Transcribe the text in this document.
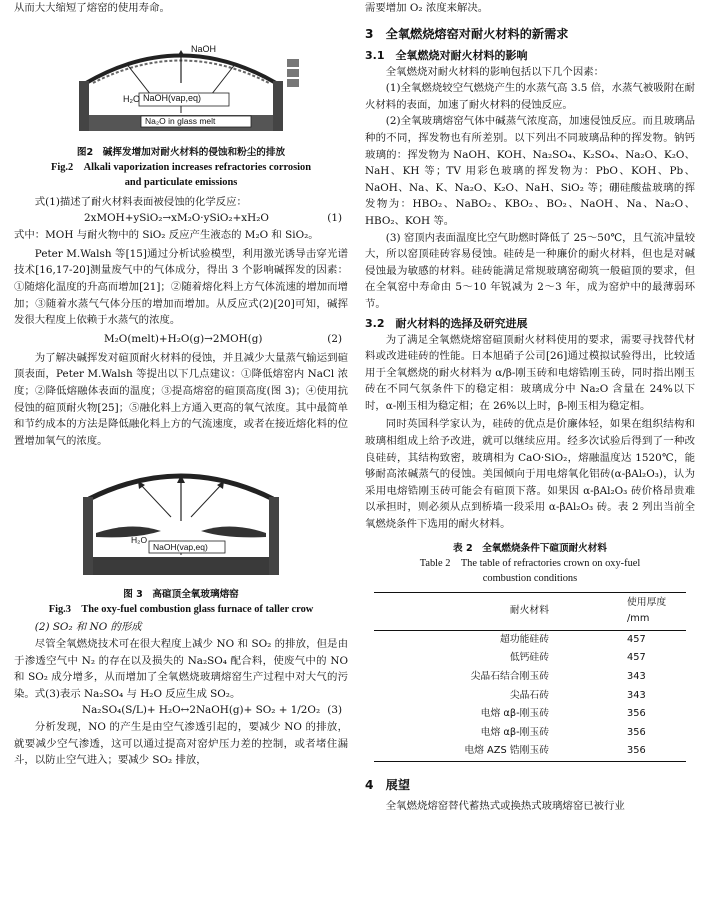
从而大大缩短了熔窑的使用寿命。

NaOH
H₂O NaOH(vap,eq)
Na₂O in glass melt
图2　碱挥发增加对耐火材料的侵蚀和粉尘的排放
Fig.2　Alkali vaporization increases refractories corrosion
and particulate emissions

式(1)描述了耐火材料表面被侵蚀的化学反应：

2xMOH+ySiO₂→xM₂O·ySiO₂+xH₂O	(1)

式中：MOH 与耐火物中的 SiO₂ 反应产生液态的 M₂O 和 SiO₂。

Peter M.Walsh 等[15]通过分析试验模型，利用激光诱导击穿光谱技术[16,17-20]测量废气中的气体成分，得出 3 个影响碱挥发的因素：①随熔化温度的升高而增加[21]；②随着熔化料上方气体流速的增加而增加；③随着水蒸气气体分压的增加而增加。从反应式(2)[20]可知，碱挥发很大程度上依赖于水蒸气的浓度。

M₂O(melt)+H₂O(g)→2MOH(g)	(2)

为了解决碱挥发对碹顶耐火材料的侵蚀，并且减少大量蒸气输运到碹顶表面，Peter M.Walsh 等提出以下几点建议：①降低熔窑内 NaCl 浓度；②降低熔融体表面的温度；③提高熔窑的碹顶高度(图 3)；④使用抗侵蚀的碹顶耐火物[25]；⑤融化料上方通入更高的氧气浓度。其中最简单和节约成本的方法是降低融化料上方的气流速度，或者在接近熔化料的位置增加氧气的浓度。

H₂O
NaOH(vap,eq)
图 3　高碹顶全氧玻璃熔窑
Fig.3　The oxy-fuel combustion glass furnace of taller crow

(2) SO₂ 和 NO 的形成

尽管全氧燃烧技术可在很大程度上减少 NO 和 SO₂ 的排放，但是由于渗透空气中 N₂ 的存在以及损失的 Na₂SO₄ 配合料，使废气中的 NO 和 SO₂ 成分增多，从而增加了全氧燃烧玻璃熔窑生产过程中对大气的污染。式(3)表示 Na₂SO₄ 与 H₂O 反应生成 SO₂。

Na₂SO₄(S/L)+ H₂O↔2NaOH(g)+ SO₂ + 1/2O₂ (3)

分析发现，NO 的产生是由空气渗透引起的，要减少 NO 的排放，就要减少空气渗透，这可以通过提高对窑炉压力差的控制，或者堵住漏斗，以防止空气进入；要减少 SO₂ 排放，

需要增加 O₂ 浓度来解决。

3　全氧燃烧熔窑对耐火材料的新需求

3.1　全氧燃烧对耐火材料的影响

全氧燃烧对耐火材料的影响包括以下几个因素：

(1)全氧燃烧较空气燃烧产生的水蒸气高 3.5 倍，水蒸气被吸附在耐火材料的表面，加速了耐火材料的侵蚀反应。

(2)全氧玻璃熔窑气体中碱蒸气浓度高，加速侵蚀反应。而且玻璃品种的不同，挥发物也有所差别。以下列出不同玻璃品种的挥发物。钠钙玻璃的：挥发物为 NaOH、KOH、Na₂SO₄、K₂SO₄、Na₂O、K₂O、NaH、KH 等；TV 用彩色玻璃的挥发物为：PbO、KOH、Pb、NaOH、Na、K、Na₂O、K₂O、NaH、SiO₂ 等；硼硅酸盐玻璃的挥发物为：HBO₂、NaBO₂、KBO₂、BO₂、NaOH、Na、Na₂O、HBO₂、KOH 等。

(3) 窑顶内表面温度比空气助燃时降低了 25～50℃，且气流冲量较大，所以窑顶硅砖容易侵蚀。硅砖是一种廉价的耐火材料，但也是对碱侵蚀最为敏感的材料。硅砖能满足常规玻璃窑砌筑一般碹顶的要求，但在全氧窑中寿命由 5～10 年锐减为 2～3 年，成为窑炉中的最薄弱环节。

3.2　耐火材料的选择及研究进展

为了满足全氧燃烧熔窑碹顶耐火材料使用的要求，需要寻找替代材料或改进硅砖的性能。日本旭硝子公司[26]通过模拟试验得出，比较适用于全氧燃烧的耐火材料为 α/β-刚玉砖和电熔锆刚玉砖，同时指出刚玉砖在不同气氛条件下的稳定相：玻璃成分中 Na₂O 含量在 24%以下时，α-刚玉相为稳定相；在 26%以上时，β-刚玉相为稳定相。

同时英国科学家认为，硅砖的优点是价廉体轻，如果在组织结构和玻璃相组成上给予改进，就可以继续应用。经多次试验后得到了一种改良硅砖，其结构致密，玻璃相为 CaO·SiO₂，熔融温度达 1520℃，能够耐高浓碱蒸气的侵蚀。美国倾向于用电熔氧化铝砖(α-βAl₂O₃)，认为采用电熔锆刚玉砖可能会有碹顶下落。如果因 α-βAl₂O₃ 砖价格昂贵难以承担时，则必须从点到桥墙一段采用 α-βAl₂O₃ 砖。表 2 列出当前全氧燃烧条件下选用的耐火材料。

表 2　全氧燃烧条件下碹顶耐火材料
Table 2　The table of refractories crown on oxy-fuel
combustion conditions
耐火材料	使用厚度 /mm
超功能硅砖	457
低钙硅砖	457
尖晶石结合刚玉砖	343
尖晶石砖	343
电熔 αβ-刚玉砖	356
电熔 αβ-刚玉砖	356
电熔 AZS 锆刚玉砖	356

4　展望

全氧燃烧熔窑替代蓄热式或换热式玻璃熔窑已被行业
